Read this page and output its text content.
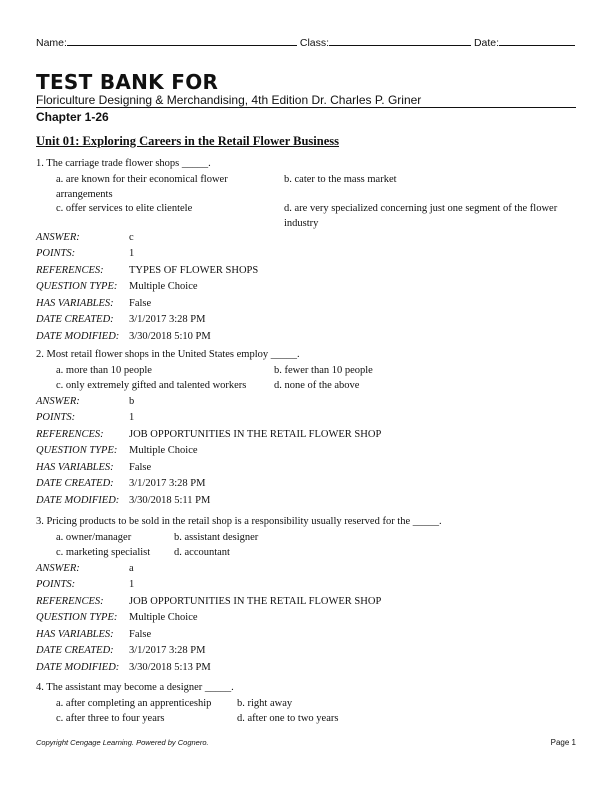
Name:	Class:	Date:
TEST BANK FOR
Floriculture Designing & Merchandising, 4th Edition Dr. Charles P. Griner
Chapter 1-26
Unit 01: Exploring Careers in the Retail Flower Business
1. The carriage trade flower shops _____.
a. are known for their economical flower arrangements
b. cater to the mass market
c. offer services to elite clientele	d. are very specialized concerning just one segment of the flower industry
ANSWER:	c
POINTS:	1
REFERENCES: TYPES OF FLOWER SHOPS
QUESTION TYPE: Multiple Choice
HAS VARIABLES: False
DATE CREATED: 3/1/2017 3:28 PM
DATE MODIFIED: 3/30/2018 5:10 PM
2. Most retail flower shops in the United States employ _____.
a. more than 10 people	b. fewer than 10 people
c. only extremely gifted and talented workers	d. none of the above
ANSWER:	b
POINTS:	1
REFERENCES: JOB OPPORTUNITIES IN THE RETAIL FLOWER SHOP
QUESTION TYPE: Multiple Choice
HAS VARIABLES: False
DATE CREATED: 3/1/2017 3:28 PM
DATE MODIFIED: 3/30/2018 5:11 PM
3. Pricing products to be sold in the retail shop is a responsibility usually reserved for the _____.
a. owner/manager	b. assistant designer
c. marketing specialist d. accountant
ANSWER:	a
POINTS:	1
REFERENCES: JOB OPPORTUNITIES IN THE RETAIL FLOWER SHOP
QUESTION TYPE: Multiple Choice
HAS VARIABLES: False
DATE CREATED: 3/1/2017 3:28 PM
DATE MODIFIED: 3/30/2018 5:13 PM
4. The assistant may become a designer _____.
a. after completing an apprenticeship b. right away
c. after three to four years	d. after one to two years
Copyright Cengage Learning. Powered by Cognero.	Page 1
